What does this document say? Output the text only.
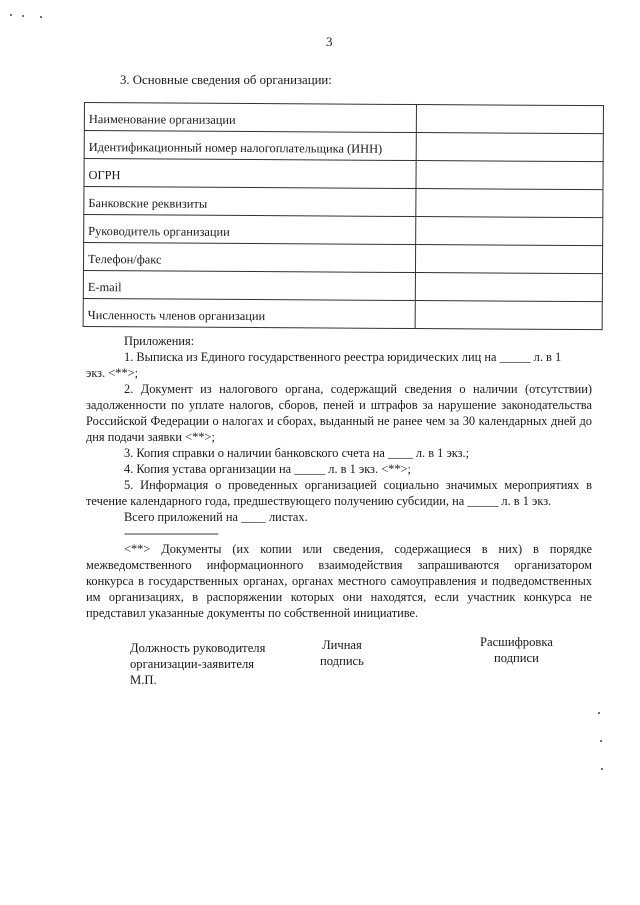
3
3. Основные сведения об организации:
Наименование организации	
Идентификационный номер налогоплательщика (ИНН)	
ОГРН	
Банковские реквизиты	
Руководитель организации	
Телефон/факс	
E-mail	
Численность членов организации	

Приложения:

1. Выписка из Единого государственного реестра юридических лиц на _____ л. в 1

экз. <**>;

2. Документ из налогового органа, содержащий сведения о наличии (отсутствии) задолженности по уплате налогов, сборов, пеней и штрафов за нарушение законодательства Российской Федерации о налогах и сборах, выданный не ранее чем за 30 календарных дней до дня подачи заявки <**>;

3. Копия справки о наличии банковского счета на ____ л. в 1 экз.;

4. Копия устава организации на _____ л. в 1 экз. <**>;

5. Информация о проведенных организацией социально значимых мероприятиях в течение календарного года, предшествующего получению субсидии, на _____ л. в 1 экз.

Всего приложений на ____ листах.

------------------------------

<**> Документы (их копии или сведения, содержащиеся в них) в порядке межведомственного информационного взаимодействия запрашиваются организатором конкурса в государственных органах, органах местного самоуправления и подведомственных им организациях, в распоряжении которых они находятся, если участник конкурса не представил указанные документы по собственной инициативе.

Должность руководителя
организации-заявителя
М.П.
Личная
подпись
Расшифровка
подписи
